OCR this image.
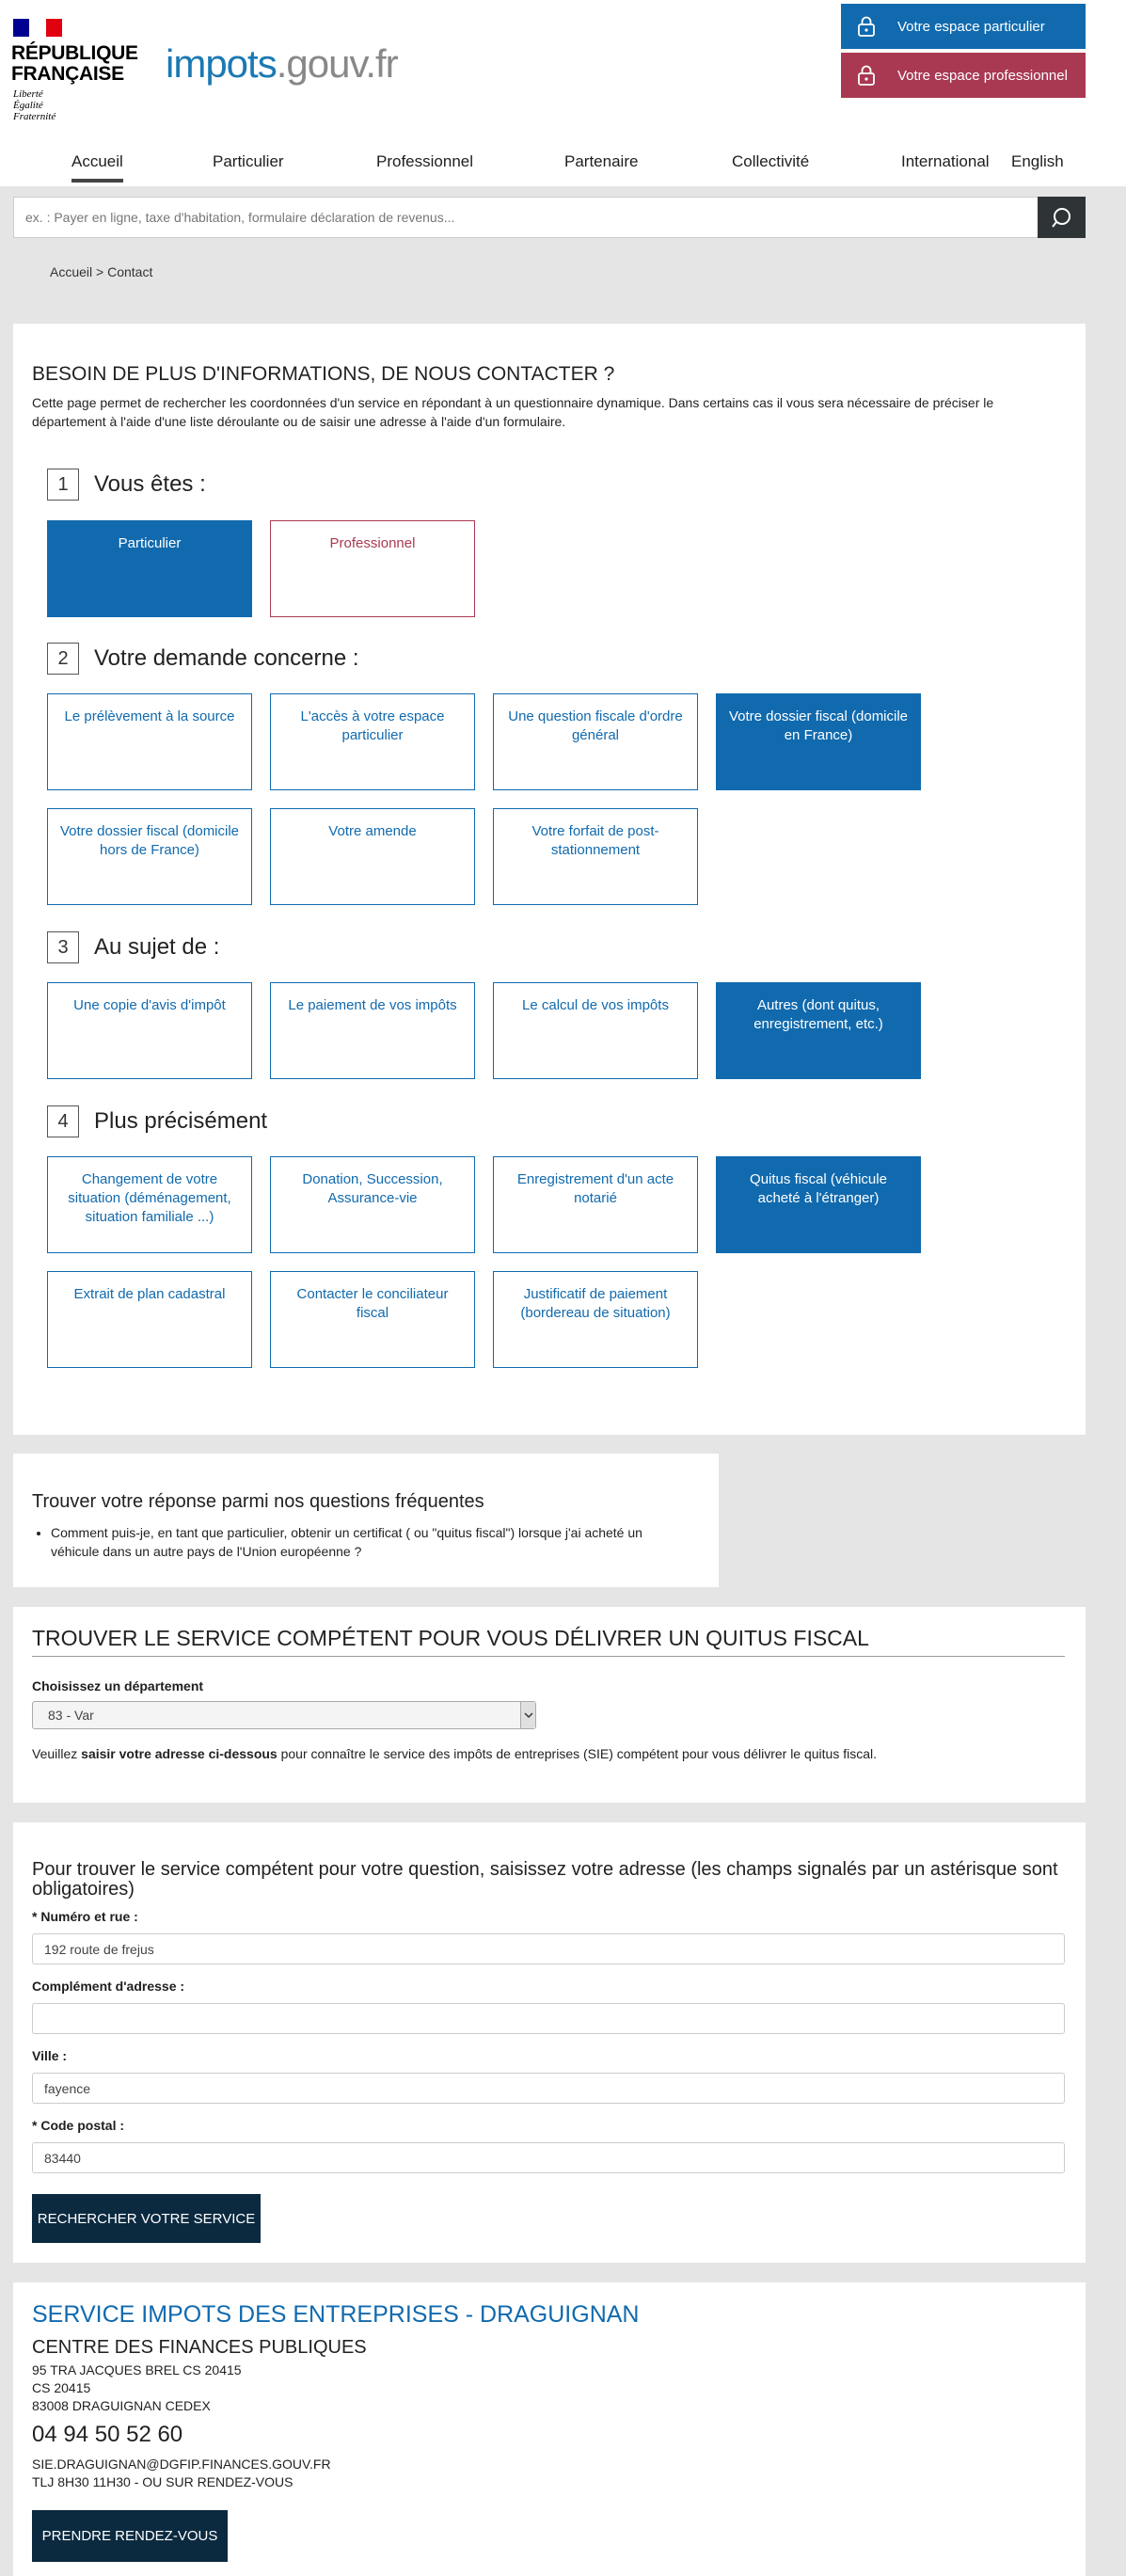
RÉPUBLIQUE
FRANÇAISE
Liberté
Égalité
Fraternité
impots.gouv.fr
Votre espace particulier
Votre espace professionnel
Accueil	Particulier	Professionnel	Partenaire	Collectivité	International English
ex. : Payer en ligne, taxe d'habitation, formulaire déclaration de revenus...
Accueil > Contact
BESOIN DE PLUS D'INFORMATIONS, DE NOUS CONTACTER ?
Cette page permet de rechercher les coordonnées d'un service en répondant à un questionnaire dynamique. Dans certains cas il vous sera nécessaire de préciser le département à l'aide d'une liste déroulante ou de saisir une adresse à l'aide d'un formulaire.
1	Vous êtes :
Particulier	Professionnel
2	Votre demande concerne :
Le prélèvement à la source	L'accès à votre espace particulier
Une question fiscale d'ordre général
Votre dossier fiscal (domicile en France)
Votre dossier fiscal (domicile hors de France)
Votre amende	Votre forfait de post-stationnement
3	Au sujet de :
Une copie d'avis d'impôt	Le paiement de vos impôts	Le calcul de vos impôts	Autres (dont quitus, enregistrement, etc.)
4	Plus précisément
Changement de votre situation (déménagement, situation familiale ...)
Donation, Succession, Assurance-vie
Enregistrement d'un acte notarié
Quitus fiscal (véhicule acheté à l'étranger)
Extrait de plan cadastral	Contacter le conciliateur fiscal
Justificatif de paiement (bordereau de situation)
Trouver votre réponse parmi nos questions fréquentes
• Comment puis-je, en tant que particulier, obtenir un certificat ( ou "quitus fiscal") lorsque j'ai acheté un véhicule dans un autre pays de l'Union européenne ?
TROUVER LE SERVICE COMPÉTENT POUR VOUS DÉLIVRER UN QUITUS FISCAL
Choisissez un département
83 - Var
Veuillez saisir votre adresse ci-dessous pour connaître le service des impôts de entreprises (SIE) compétent pour vous délivrer le quitus fiscal.
Pour trouver le service compétent pour votre question, saisissez votre adresse (les champs signalés par un astérisque sont obligatoires)
* Numéro et rue :
192 route de frejus
Complément d'adresse :
Ville :
fayence
* Code postal :
83440
RECHERCHER VOTRE SERVICE
SERVICE IMPOTS DES ENTREPRISES - DRAGUIGNAN
CENTRE DES FINANCES PUBLIQUES
95 TRA JACQUES BREL CS 20415
CS 20415
83008 DRAGUIGNAN CEDEX
04 94 50 52 60
SIE.DRAGUIGNAN@DGFIP.FINANCES.GOUV.FR
TLJ 8H30 11H30 - OU SUR RENDEZ-VOUS
PRENDRE RENDEZ-VOUS
